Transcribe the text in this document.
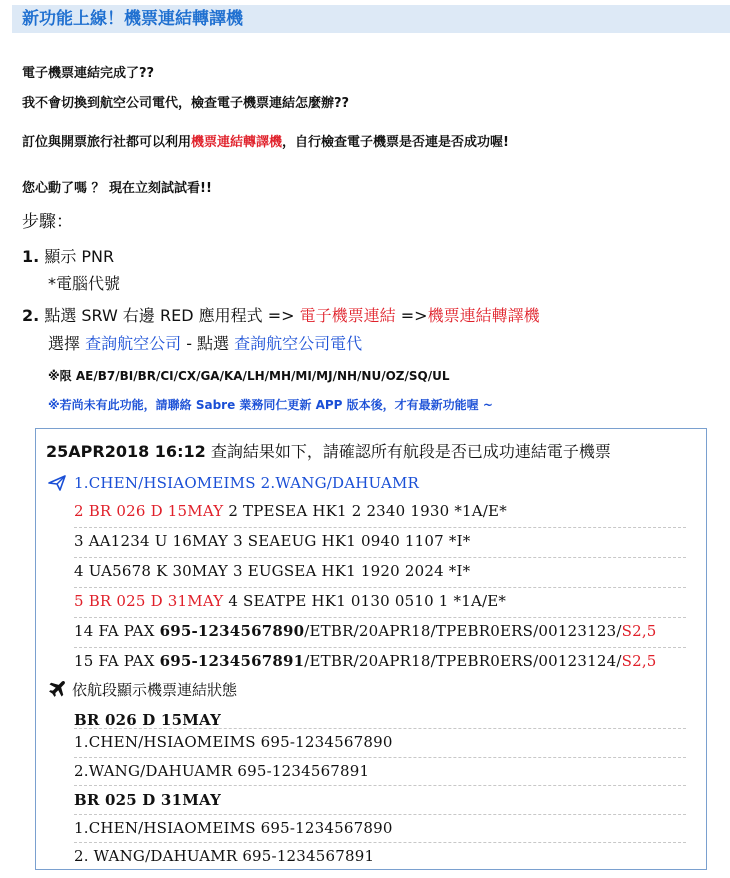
新功能上線！機票連結轉譯機
電子機票連結完成了??
我不會切換到航空公司電代，檢查電子機票連結怎麼辦??
訂位與開票旅行社都可以利用機票連結轉譯機，自行檢查電子機票是否連是否成功喔!
您心動了嗎 ？ 現在立刻試試看!!
步驟：
1. 顯示 PNR
*電腦代號
2. 點選 SRW 右邊 RED 應用程式 => 電子機票連結 =>機票連結轉譯機
選擇 查詢航空公司 - 點選 查詢航空公司電代
※限 AE/B7/BI/BR/CI/CX/GA/KA/LH/MH/MI/MJ/NH/NU/OZ/SQ/UL
※若尚未有此功能，請聯絡 Sabre 業務同仁更新 APP 版本後，才有最新功能喔 ~
25APR2018 16:12 查詢結果如下，請確認所有航段是否已成功連結電子機票
1.CHEN/HSIAOMEIMS 2.WANG/DAHUAMR
2 BR 026 D 15MAY 2 TPESEA HK1 2 2340 1930 *1A/E*
3 AA1234 U 16MAY 3 SEAEUG HK1 0940 1107 *I*
4 UA5678 K 30MAY 3 EUGSEA HK1 1920 2024 *I*
5 BR 025 D 31MAY 4 SEATPE HK1 0130 0510 1 *1A/E*
14 FA PAX 695-1234567890/ETBR/20APR18/TPEBR0ERS/00123123/S2,5
15 FA PAX 695-1234567891/ETBR/20APR18/TPEBR0ERS/00123124/S2,5
依航段顯示機票連結狀態
BR 026 D 15MAY
1.CHEN/HSIAOMEIMS 695-1234567890
2.WANG/DAHUAMR 695-1234567891
BR 025 D 31MAY
1.CHEN/HSIAOMEIMS 695-1234567890
2. WANG/DAHUAMR 695-1234567891
